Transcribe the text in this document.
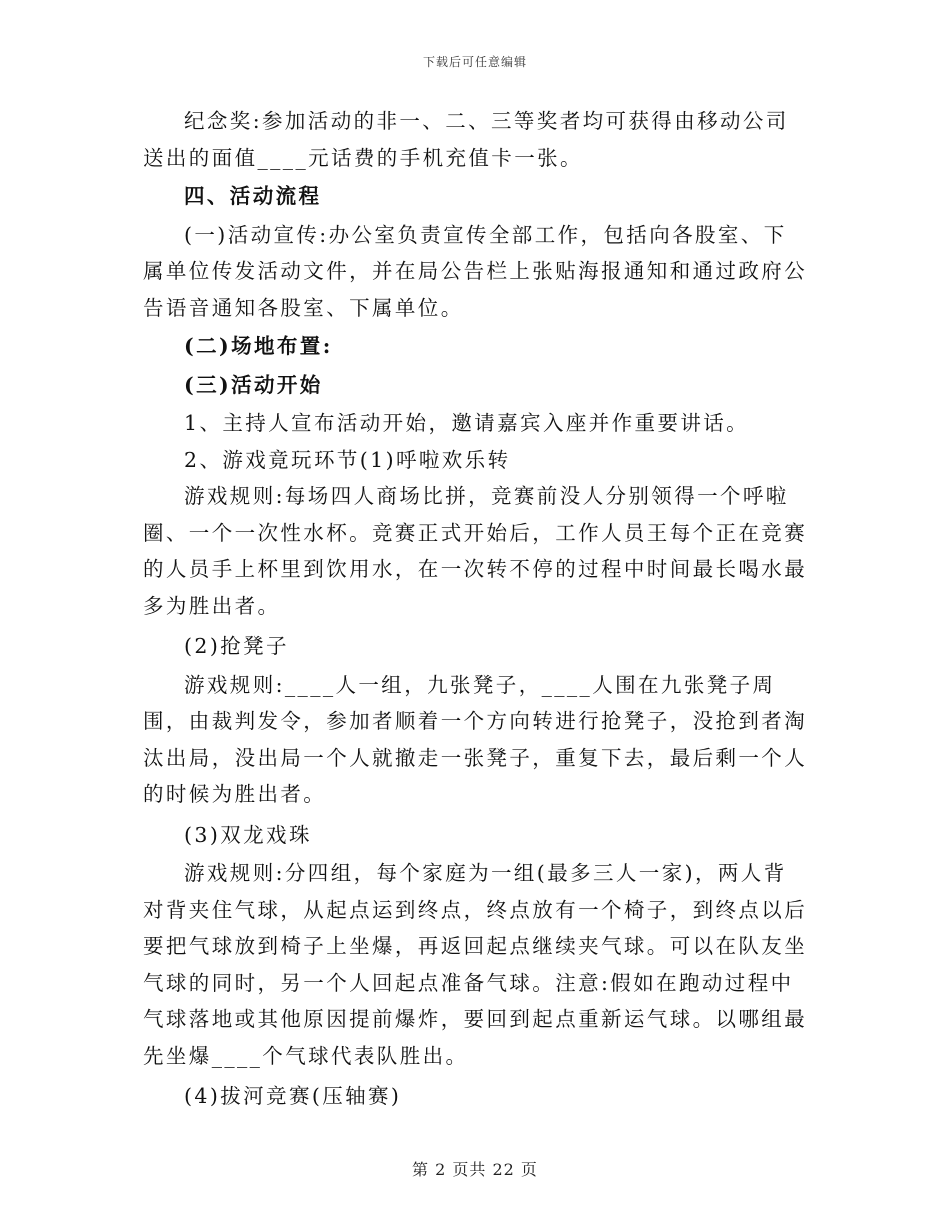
下载后可任意编辑

纪念奖:参加活动的非一、二、三等奖者均可获得由移动公司送出的面值____元话费的手机充值卡一张。

四、活动流程

(一)活动宣传:办公室负责宣传全部工作，包括向各股室、下属单位传发活动文件，并在局公告栏上张贴海报通知和通过政府公告语音通知各股室、下属单位。

(二)场地布置:

(三)活动开始

1、主持人宣布活动开始，邀请嘉宾入座并作重要讲话。

2、游戏竟玩环节(1)呼啦欢乐转

游戏规则:每场四人商场比拼，竞赛前没人分别领得一个呼啦圈、一个一次性水杯。竞赛正式开始后，工作人员王每个正在竞赛的人员手上杯里到饮用水，在一次转不停的过程中时间最长喝水最多为胜出者。

(2)抢凳子

游戏规则:____人一组，九张凳子，____人围在九张凳子周围，由裁判发令，参加者顺着一个方向转进行抢凳子，没抢到者淘汰出局，没出局一个人就撤走一张凳子，重复下去，最后剩一个人的时候为胜出者。

(3)双龙戏珠

游戏规则:分四组，每个家庭为一组(最多三人一家)，两人背对背夹住气球，从起点运到终点，终点放有一个椅子，到终点以后要把气球放到椅子上坐爆，再返回起点继续夹气球。可以在队友坐气球的同时，另一个人回起点准备气球。注意:假如在跑动过程中气球落地或其他原因提前爆炸，要回到起点重新运气球。以哪组最先坐爆____个气球代表队胜出。

(4)拔河竞赛(压轴赛)

第 2 页共 22 页
